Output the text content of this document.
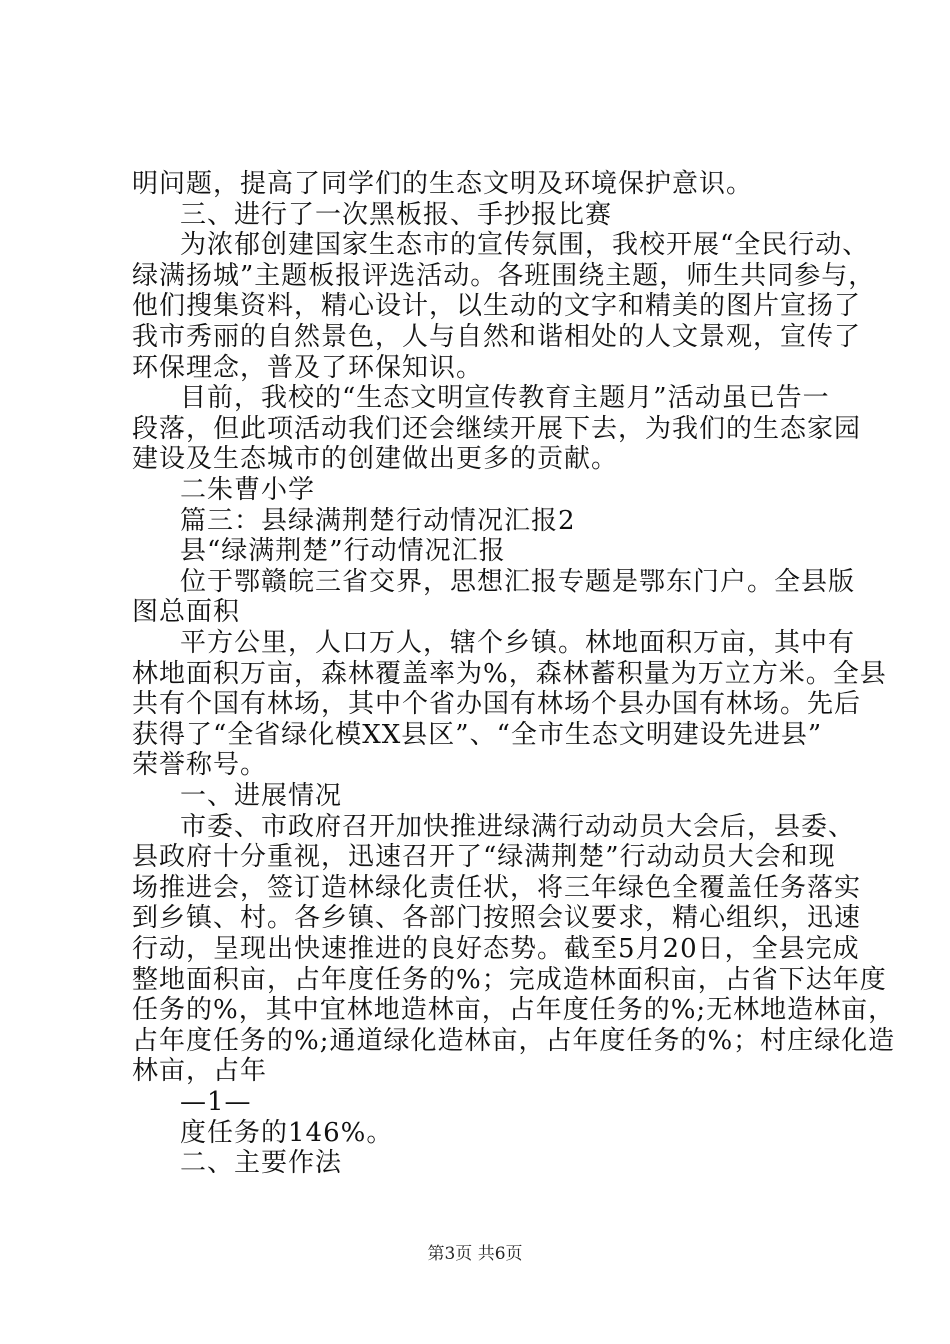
明问题，提高了同学们的生态文明及环境保护意识。
三、进行了一次黑板报、手抄报比赛
为浓郁创建国家生态市的宣传氛围，我校开展“全民行动、
绿满扬城”主题板报评选活动。各班围绕主题，师生共同参与，
他们搜集资料，精心设计，以生动的文字和精美的图片宣扬了
我市秀丽的自然景色，人与自然和谐相处的人文景观，宣传了
环保理念，普及了环保知识。
目前，我校的“生态文明宣传教育主题月”活动虽已告一
段落，但此项活动我们还会继续开展下去，为我们的生态家园
建设及生态城市的创建做出更多的贡献。
二朱曹小学
篇三：县绿满荆楚行动情况汇报2
县“绿满荆楚”行动情况汇报
位于鄂赣皖三省交界，思想汇报专题是鄂东门户。全县版
图总面积
平方公里，人口万人，辖个乡镇。林地面积万亩，其中有
林地面积万亩，森林覆盖率为%，森林蓄积量为万立方米。全县
共有个国有林场，其中个省办国有林场个县办国有林场。先后
获得了“全省绿化模XX县区”、“全市生态文明建设先进县”
荣誉称号。
一、进展情况
市委、市政府召开加快推进绿满行动动员大会后，县委、
县政府十分重视，迅速召开了“绿满荆楚”行动动员大会和现
场推进会，签订造林绿化责任状，将三年绿色全覆盖任务落实
到乡镇、村。各乡镇、各部门按照会议要求，精心组织，迅速
行动，呈现出快速推进的良好态势。截至5月20日，全县完成
整地面积亩，占年度任务的%；完成造林面积亩，占省下达年度
任务的%，其中宜林地造林亩，占年度任务的%;无林地造林亩，
占年度任务的%;通道绿化造林亩，占年度任务的%；村庄绿化造
林亩，占年
—1—
度任务的146%。
二、主要作法
第3页 共6页
